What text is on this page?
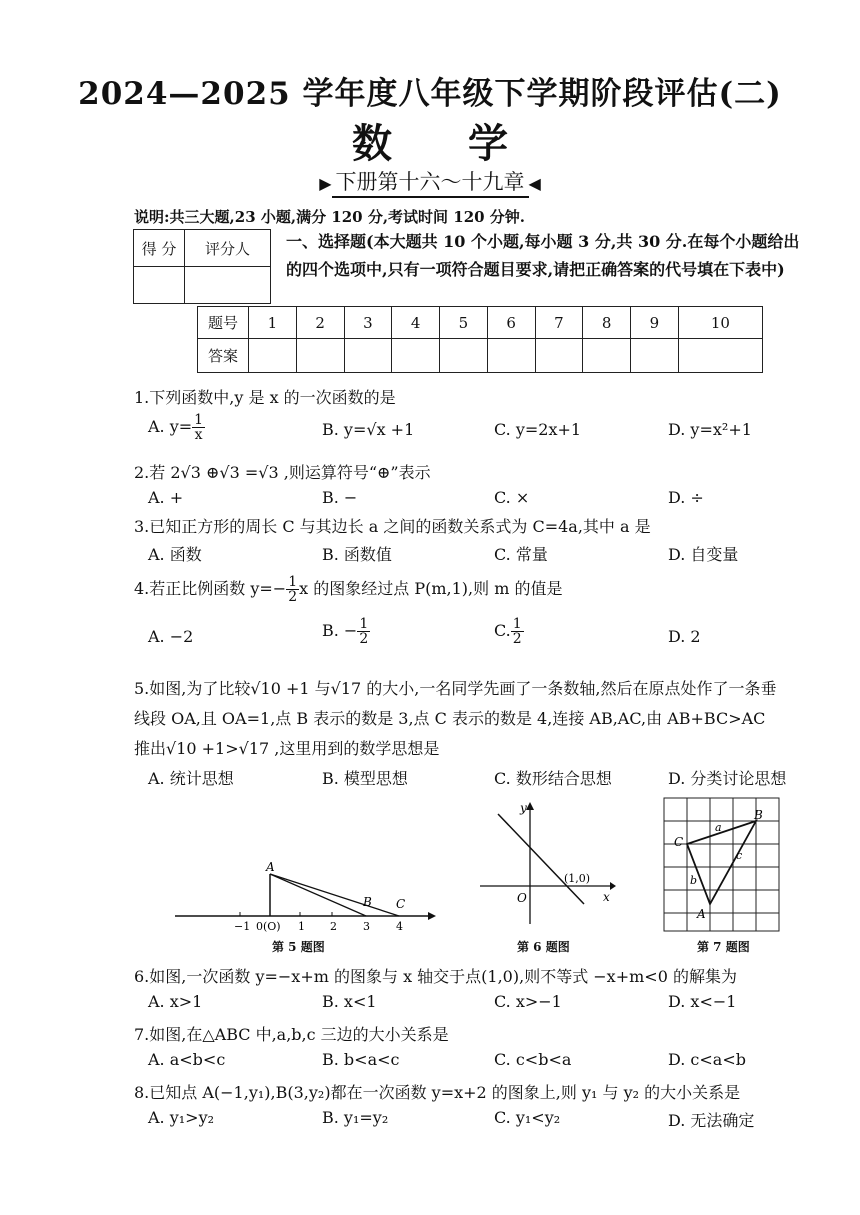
2024—2025 学年度八年级下学期阶段评估(二)
数 学
▶ 下册第十六～十九章 ◀
说明:共三大题,23 小题,满分 120 分,考试时间 120 分钟.
得 分	评分人
	一、选择题(本大题共 10 个小题,每小题 3 分,共 30 分.在每个小题给出的四个选项中,只有一项符合题目要求,请把正确答案的代号填在下表中)
题号	1	2	3	4	5	6	7	8	9	10
答案										
1.下列函数中,y 是 x 的一次函数的是
A. $y= \frac{1}{x}$	B. y=√x +1	C. y=2x+1	D. y=x²+1
2.若 2√3 ⊕√3 =√3 ,则运算符号“⊕”表示
A. +	B. −	C. ×	D. ÷
3.已知正方形的周长 C 与其边长 a 之间的函数关系式为 C=4a,其中 a 是
A. 函数	B. 函数值	C. 常量	D. 自变量
4.若正比例函数 $y=- \frac{1}{2}$ x 的图象经过点 P(m,1),则 m 的值是
A. −2	B. − $\frac{1}{2}$	C. $\frac{1}{2}$	D. 2
5.如图,为了比较√10 +1 与√17 的大小,一名同学先画了一条数轴,然后在原点处作了一条垂
线段 OA,且 OA=1,点 B 表示的数是 3,点 C 表示的数是 4,连接 AB,AC,由 AB+BC>AC
推出√10 +1>√17 ,这里用到的数学思想是
A. 统计思想	B. 模型思想	C. 数形结合思想	D. 分类讨论思想
−1 0(O) 1 2 3 4
A
B C
第 5 题图
y
x
O
(1,0)
第 6 题图
A
B
C
a
b
c
第 7 题图
6.如图,一次函数 y=−x+m 的图象与 x 轴交于点(1,0),则不等式 −x+m<0 的解集为
A. x>1	B. x<1	C. x>−1	D. x<−1
7.如图,在△ABC 中,a,b,c 三边的大小关系是
A. a<b<c	B. b<a<c	C. c<b<a	D. c<a<b
8.已知点 A(−1,y₁),B(3,y₂)都在一次函数 y=x+2 的图象上,则 y₁ 与 y₂ 的大小关系是
A. y₁>y₂	B. y₁=y₂	C. y₁<y₂	D. 无法确定
